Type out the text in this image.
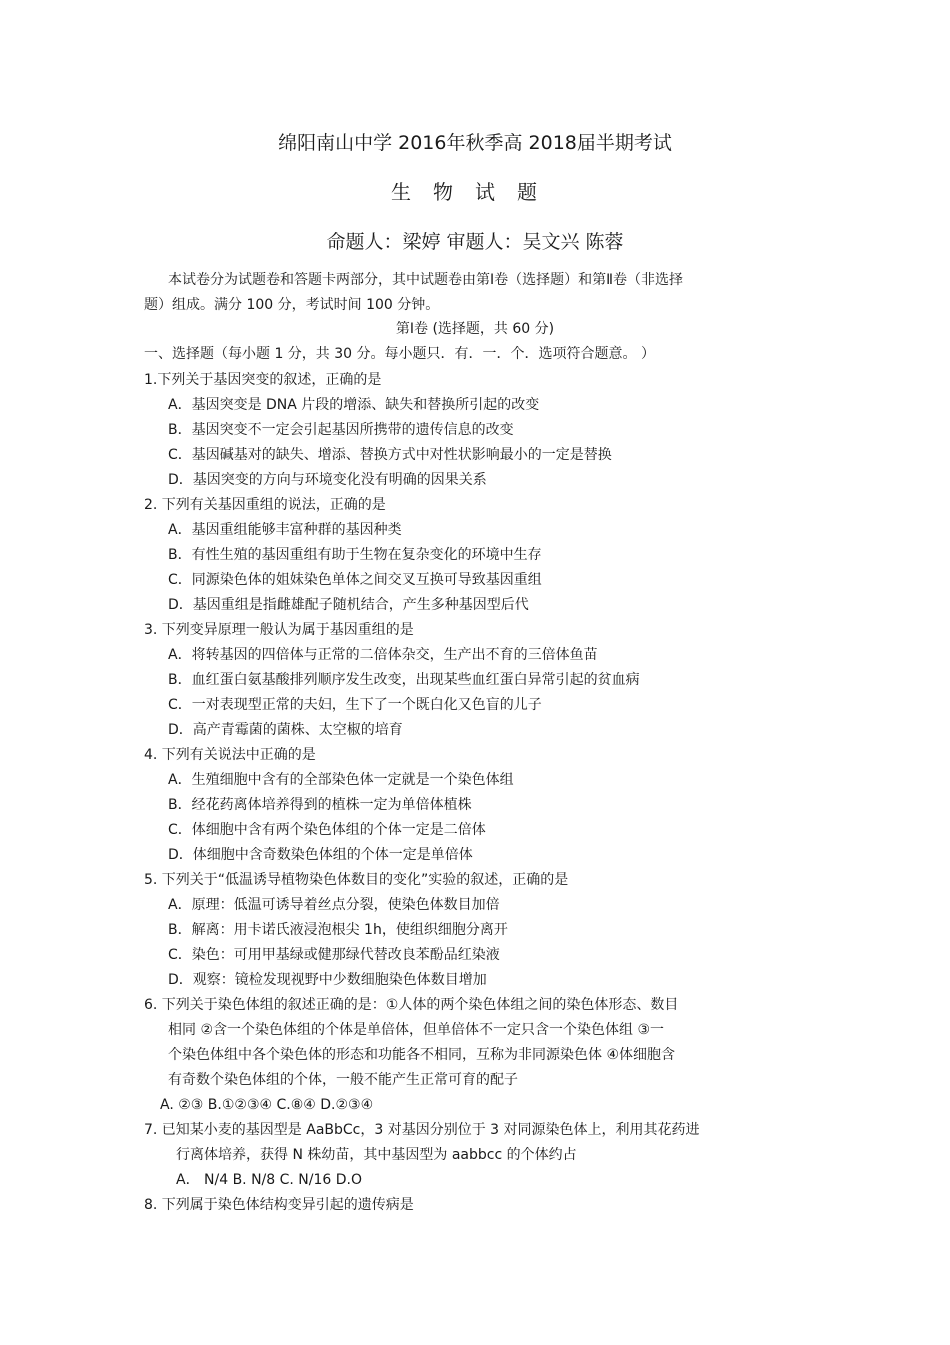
绵阳南山中学 2016年秋季高 2018届半期考试
生物试题
命题人：梁婷 审题人：吴文兴 陈蓉
本试卷分为试题卷和答题卡两部分，其中试题卷由第Ⅰ卷（选择题）和第Ⅱ卷（非选择
题）组成。满分 100 分，考试时间 100 分钟。
第Ⅰ卷 (选择题，共 60 分)
一、选择题（每小题 1 分，共 30 分。每小题只．有．一．个．选项符合题意。 ）
1.下列关于基因突变的叙述，正确的是
A．基因突变是 DNA 片段的增添、缺失和替换所引起的改变
B．基因突变不一定会引起基因所携带的遗传信息的改变
C．基因碱基对的缺失、增添、替换方式中对性状影响最小的一定是替换
D．基因突变的方向与环境变化没有明确的因果关系
2. 下列有关基因重组的说法，正确的是
A．基因重组能够丰富种群的基因种类
B．有性生殖的基因重组有助于生物在复杂变化的环境中生存
C．同源染色体的姐妹染色单体之间交叉互换可导致基因重组
D．基因重组是指雌雄配子随机结合，产生多种基因型后代
3. 下列变异原理一般认为属于基因重组的是
A．将转基因的四倍体与正常的二倍体杂交，生产出不育的三倍体鱼苗
B．血红蛋白氨基酸排列顺序发生改变，出现某些血红蛋白异常引起的贫血病
C．一对表现型正常的夫妇，生下了一个既白化又色盲的儿子
D．高产青霉菌的菌株、太空椒的培育
4. 下列有关说法中正确的是
A．生殖细胞中含有的全部染色体一定就是一个染色体组
B．经花药离体培养得到的植株一定为单倍体植株
C．体细胞中含有两个染色体组的个体一定是二倍体
D．体细胞中含奇数染色体组的个体一定是单倍体
5. 下列关于“低温诱导植物染色体数目的变化”实验的叙述，正确的是
A．原理：低温可诱导着丝点分裂，使染色体数目加倍
B．解离：用卡诺氏液浸泡根尖 1h，使组织细胞分离开
C．染色：可用甲基绿或健那绿代替改良苯酚品红染液
D．观察：镜检发现视野中少数细胞染色体数目增加
6. 下列关于染色体组的叙述正确的是：①人体的两个染色体组之间的染色体形态、数目
相同 ②含一个染色体组的个体是单倍体，但单倍体不一定只含一个染色体组 ③一
个染色体组中各个染色体的形态和功能各不相同，互称为非同源染色体 ④体细胞含
有奇数个染色体组的个体，一般不能产生正常可育的配子
A. ②③ B.①②③④ C.⑧④ D.②③④
7. 已知某小麦的基因型是 AaBbCc，3 对基因分别位于 3 对同源染色体上，利用其花药进
行离体培养，获得 N 株幼苗，其中基因型为 aabbcc 的个体约占
A． N/4 B. N/8 C. N/16 D.O
8. 下列属于染色体结构变异引起的遗传病是
